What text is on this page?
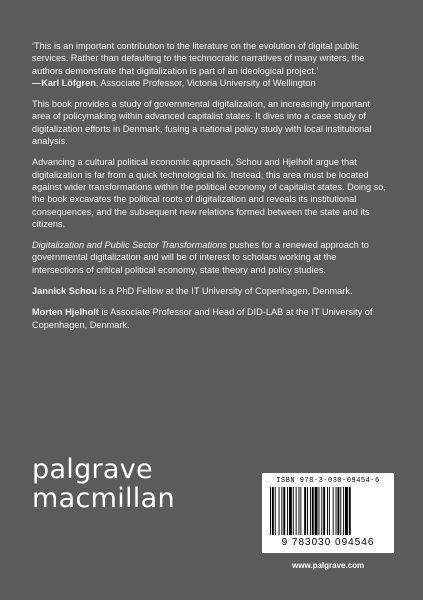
‘This is an important contribution to the literature on the evolution of digital public services. Rather than defaulting to the technocratic narratives of many writers, the authors demonstrate that digitalization is part of an ideological project.’
—Karl Löfgren, Associate Professor, Victoria University of Wellington

This book provides a study of governmental digitalization, an increasingly important area of policymaking within advanced capitalist states. It dives into a case study of digitalization efforts in Denmark, fusing a national policy study with local institutional analysis.

Advancing a cultural political economic approach, Schou and Hjelholt argue that digitalization is far from a quick technological fix. Instead, this area must be located against wider transformations within the political economy of capitalist states. Doing so, the book excavates the political roots of digitalization and reveals its institutional consequences, and the subsequent new relations formed between the state and its citizens.

Digitalization and Public Sector Transformations pushes for a renewed approach to governmental digitalization and will be of interest to scholars working at the intersections of critical political economy, state theory and policy studies.

Jannick Schou is a PhD Fellow at the IT University of Copenhagen, Denmark.

Morten Hjelholt is Associate Professor and Head of DID-LAB at the IT University of Copenhagen, Denmark.

palgrave
macmillan
ISBN 978-3-030-09454-6
9 783030 094546
www.palgrave.com
